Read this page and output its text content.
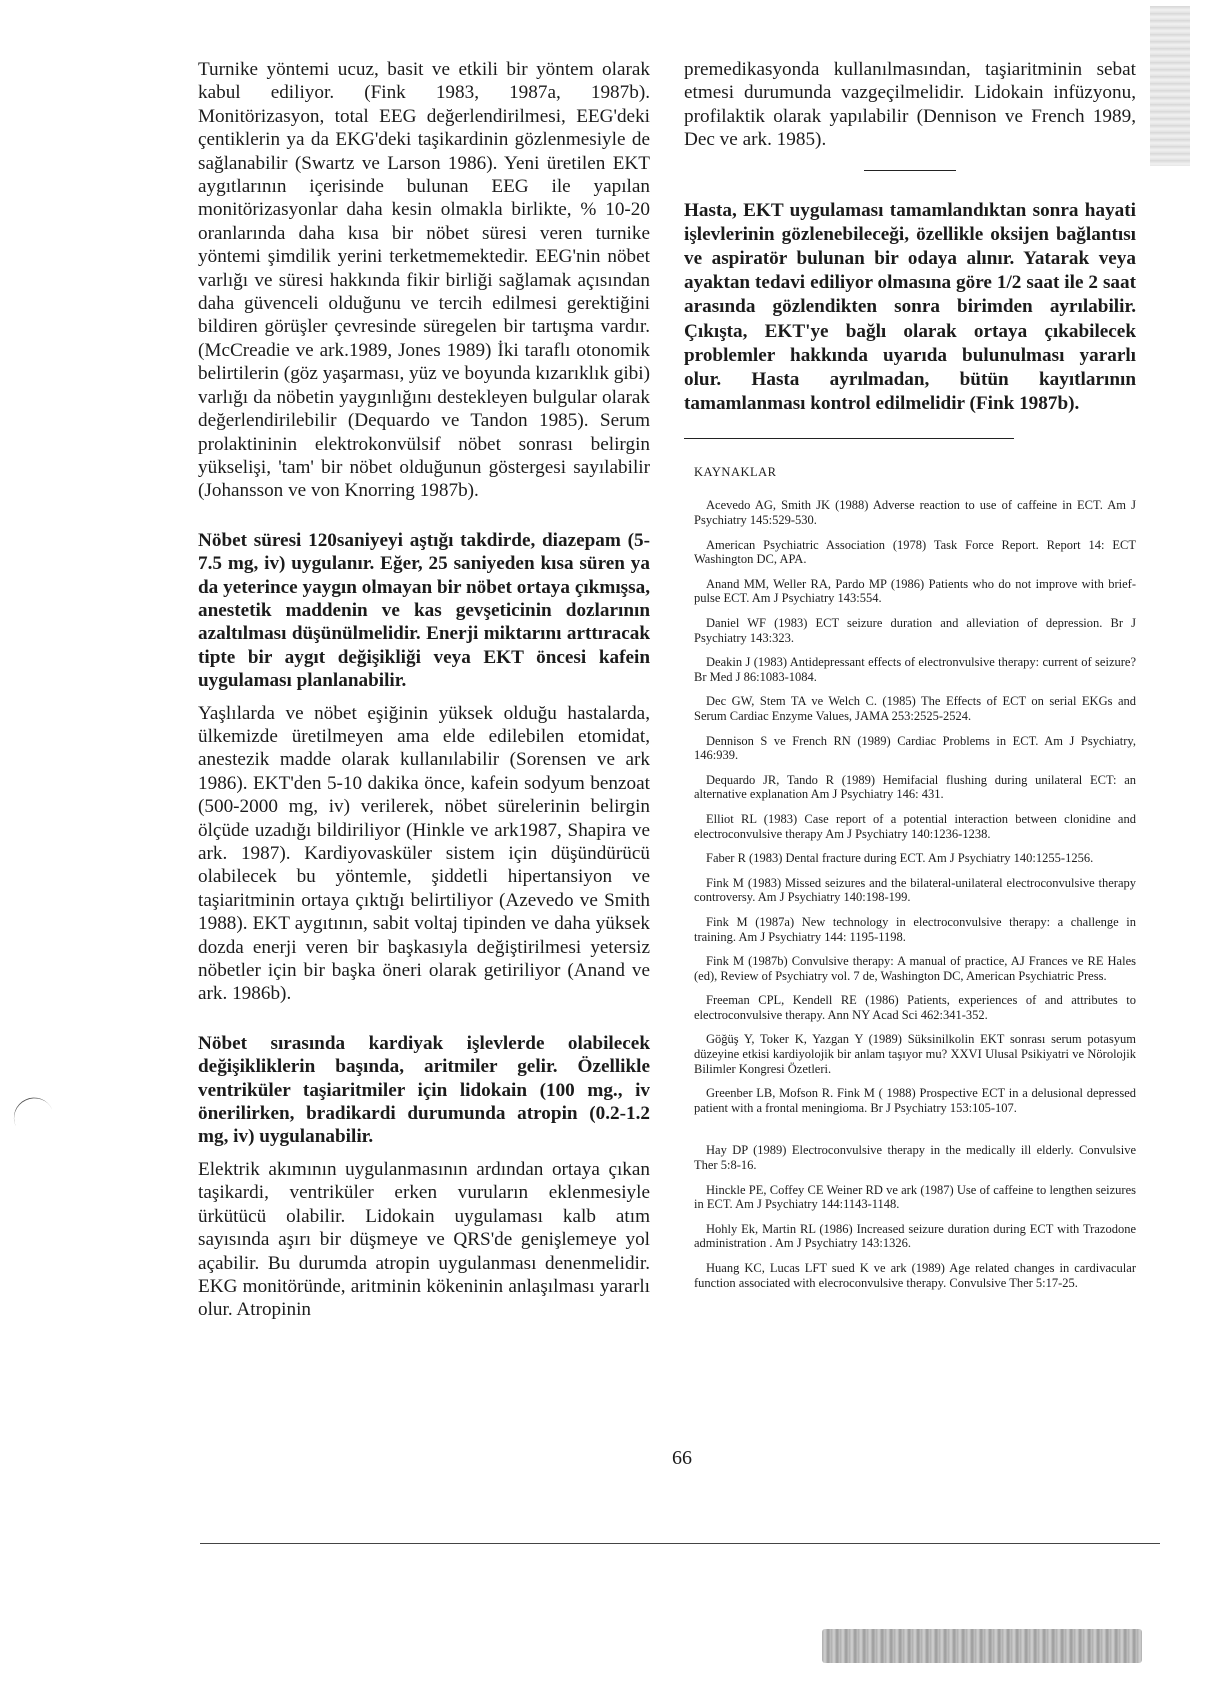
Turnike yöntemi ucuz, basit ve etkili bir yöntem olarak kabul ediliyor. (Fink 1983, 1987a, 1987b). Monitörizasyon, total EEG değerlendirilmesi, EEG'deki çentiklerin ya da EKG'deki taşikardinin gözlenmesiyle de sağlanabilir (Swartz ve Larson 1986). Yeni üretilen EKT aygıtlarının içerisinde bulunan EEG ile yapılan monitörizasyonlar daha kesin olmakla birlikte, % 10-20 oranlarında daha kısa bir nöbet süresi veren turnike yöntemi şimdilik yerini terketmemektedir. EEG'nin nöbet varlığı ve süresi hakkında fikir birliği sağlamak açısından daha güvenceli olduğunu ve tercih edilmesi gerektiğini bildiren görüşler çevresinde süregelen bir tartışma vardır. (McCreadie ve ark.1989, Jones 1989) İki taraflı otonomik belirtilerin (göz yaşarması, yüz ve boyunda kızarıklık gibi) varlığı da nöbetin yaygınlığını destekleyen bulgular olarak değerlendirilebilir (Dequardo ve Tandon 1985). Serum prolaktininin elektrokonvülsif nöbet sonrası belirgin yükselişi, 'tam' bir nöbet olduğunun göstergesi sayılabilir (Johansson ve von Knorring 1987b).

Nöbet süresi 120saniyeyi aştığı takdirde, diazepam (5-7.5 mg, iv) uygulanır. Eğer, 25 saniyeden kısa süren ya da yeterince yaygın olmayan bir nöbet ortaya çıkmışsa, anestetik maddenin ve kas gevşeticinin dozlarının azaltılması düşünülmelidir. Enerji miktarını arttıracak tipte bir aygıt değişikliği veya EKT öncesi kafein uygulaması planlanabilir.

Yaşlılarda ve nöbet eşiğinin yüksek olduğu hastalarda, ülkemizde üretilmeyen ama elde edilebilen etomidat, anestezik madde olarak kullanılabilir (Sorensen ve ark 1986). EKT'den 5-10 dakika önce, kafein sodyum benzoat (500-2000 mg, iv) verilerek, nöbet sürelerinin belirgin ölçüde uzadığı bildiriliyor (Hinkle ve ark1987, Shapira ve ark. 1987). Kardiyovasküler sistem için düşündürücü olabilecek bu yöntemle, şiddetli hipertansiyon ve taşiaritminin ortaya çıktığı belirtiliyor (Azevedo ve Smith 1988). EKT aygıtının, sabit voltaj tipinden ve daha yüksek dozda enerji veren bir başkasıyla değiştirilmesi yetersiz nöbetler için bir başka öneri olarak getiriliyor (Anand ve ark. 1986b).

Nöbet sırasında kardiyak işlevlerde olabilecek değişikliklerin başında, aritmiler gelir. Özellikle ventriküler taşiaritmiler için lidokain (100 mg., iv önerilirken, bradikardi durumunda atropin (0.2-1.2 mg, iv) uygulanabilir.

Elektrik akımının uygulanmasının ardından ortaya çıkan taşikardi, ventriküler erken vuruların eklenmesiyle ürkütücü olabilir. Lidokain uygulaması kalb atım sayısında aşırı bir düşmeye ve QRS'de genişlemeye yol açabilir. Bu durumda atropin uygulanması denenmelidir. EKG monitöründe, aritminin kökeninin anlaşılması yararlı olur. Atropinin

premedikasyonda kullanılmasından, taşiaritminin sebat etmesi durumunda vazgeçilmelidir. Lidokain infüzyonu, profilaktik olarak yapılabilir (Dennison ve French 1989, Dec ve ark. 1985).

Hasta, EKT uygulaması tamamlandıktan sonra hayati işlevlerinin gözlenebileceği, özellikle oksijen bağlantısı ve aspiratör bulunan bir odaya alınır. Yatarak veya ayaktan tedavi ediliyor olmasına göre 1/2 saat ile 2 saat arasında gözlendikten sonra birimden ayrılabilir. Çıkışta, EKT'ye bağlı olarak ortaya çıkabilecek problemler hakkında uyarıda bulunulması yararlı olur. Hasta ayrılmadan, bütün kayıtlarının tamamlanması kontrol edilmelidir (Fink 1987b).

KAYNAKLAR

Acevedo AG, Smith JK (1988) Adverse reaction to use of caffeine in ECT. Am J Psychiatry 145:529-530.

American Psychiatric Association (1978) Task Force Report. Report 14: ECT Washington DC, APA.

Anand MM, Weller RA, Pardo MP (1986) Patients who do not improve with brief-pulse ECT. Am J Psychiatry 143:554.

Daniel WF (1983) ECT seizure duration and alleviation of depression. Br J Psychiatry 143:323.

Deakin J (1983) Antidepressant effects of electronvulsive therapy: current of seizure? Br Med J 86:1083-1084.

Dec GW, Stem TA ve Welch C. (1985) The Effects of ECT on serial EKGs and Serum Cardiac Enzyme Values, JAMA 253:2525-2524.

Dennison S ve French RN (1989) Cardiac Problems in ECT. Am J Psychiatry, 146:939.

Dequardo JR, Tando R (1989) Hemifacial flushing during unilateral ECT: an alternative explanation Am J Psychiatry 146: 431.

Elliot RL (1983) Case report of a potential interaction between clonidine and electroconvulsive therapy Am J Psychiatry 140:1236-1238.

Faber R (1983) Dental fracture during ECT. Am J Psychiatry 140:1255-1256.

Fink M (1983) Missed seizures and the bilateral-unilateral electroconvulsive therapy controversy. Am J Psychiatry 140:198-199.

Fink M (1987a) New technology in electroconvulsive therapy: a challenge in training. Am J Psychiatry 144: 1195-1198.

Fink M (1987b) Convulsive therapy: A manual of practice, AJ Frances ve RE Hales (ed), Review of Psychiatry vol. 7 de, Washington DC, American Psychiatric Press.

Freeman CPL, Kendell RE (1986) Patients, experiences of and attributes to electroconvulsive therapy. Ann NY Acad Sci 462:341-352.

Göğüş Y, Toker K, Yazgan Y (1989) Süksinilkolin EKT sonrası serum potasyum düzeyine etkisi kardiyolojik bir anlam taşıyor mu? XXVI Ulusal Psikiyatri ve Nörolojik Bilimler Kongresi Özetleri.

Greenber LB, Mofson R. Fink M ( 1988) Prospective ECT in a delusional depressed patient with a frontal meningioma. Br J Psychiatry 153:105-107.

Hay DP (1989) Electroconvulsive therapy in the medically ill elderly. Convulsive Ther 5:8-16.

Hinckle PE, Coffey CE Weiner RD ve ark (1987) Use of caffeine to lengthen seizures in ECT. Am J Psychiatry 144:1143-1148.

Hohly Ek, Martin RL (1986) Increased seizure duration during ECT with Trazodone administration . Am J Psychiatry 143:1326.

Huang KC, Lucas LFT sued K ve ark (1989) Age related changes in cardivacular function associated with elecroconvulsive therapy. Convulsive Ther 5:17-25.

66
